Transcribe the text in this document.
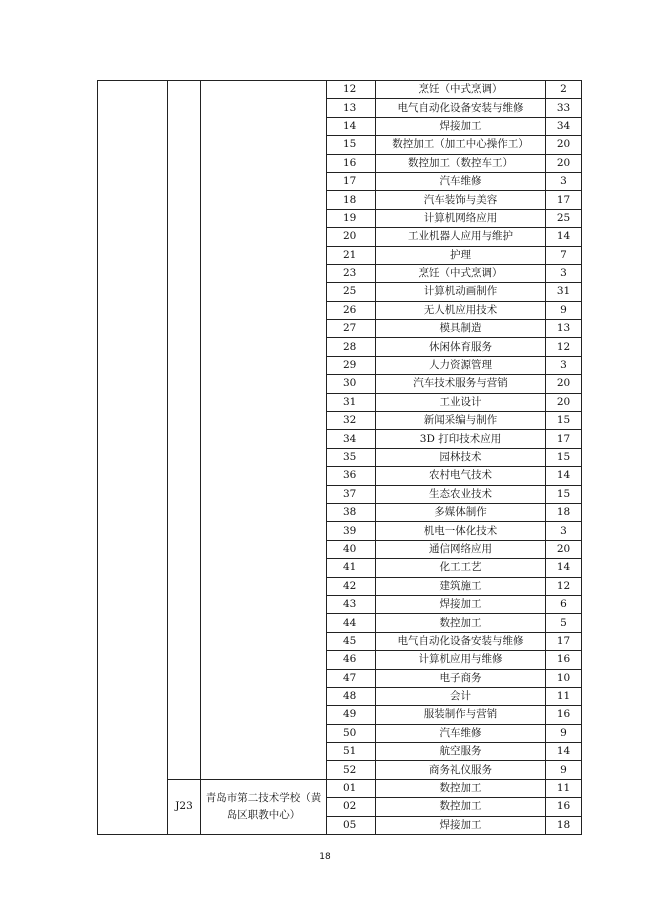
			12	烹饪（中式烹调）	2
			13	电气自动化设备安装与维修	33
			14	焊接加工	34
			15	数控加工（加工中心操作工）	20
			16	数控加工（数控车工）	20
			17	汽车维修	3
			18	汽车装饰与美容	17
			19	计算机网络应用	25
			20	工业机器人应用与维护	14
			21	护理	7
			23	烹饪（中式烹调）	3
			25	计算机动画制作	31
			26	无人机应用技术	9
			27	模具制造	13
			28	休闲体育服务	12
			29	人力资源管理	3
			30	汽车技术服务与营销	20
			31	工业设计	20
			32	新闻采编与制作	15
			34	3D 打印技术应用	17
			35	园林技术	15
			36	农村电气技术	14
			37	生态农业技术	15
			38	多媒体制作	18
			39	机电一体化技术	3
			40	通信网络应用	20
			41	化工工艺	14
			42	建筑施工	12
			43	焊接加工	6
			44	数控加工	5
			45	电气自动化设备安装与维修	17
			46	计算机应用与维修	16
			47	电子商务	10
			48	会计	11
			49	服装制作与营销	16
			50	汽车维修	9
			51	航空服务	14
			52	商务礼仪服务	9
	J23	青岛市第二技术学校（黄岛区职教中心）	01	数控加工	11
			02	数控加工	16
			05	焊接加工	18
18
